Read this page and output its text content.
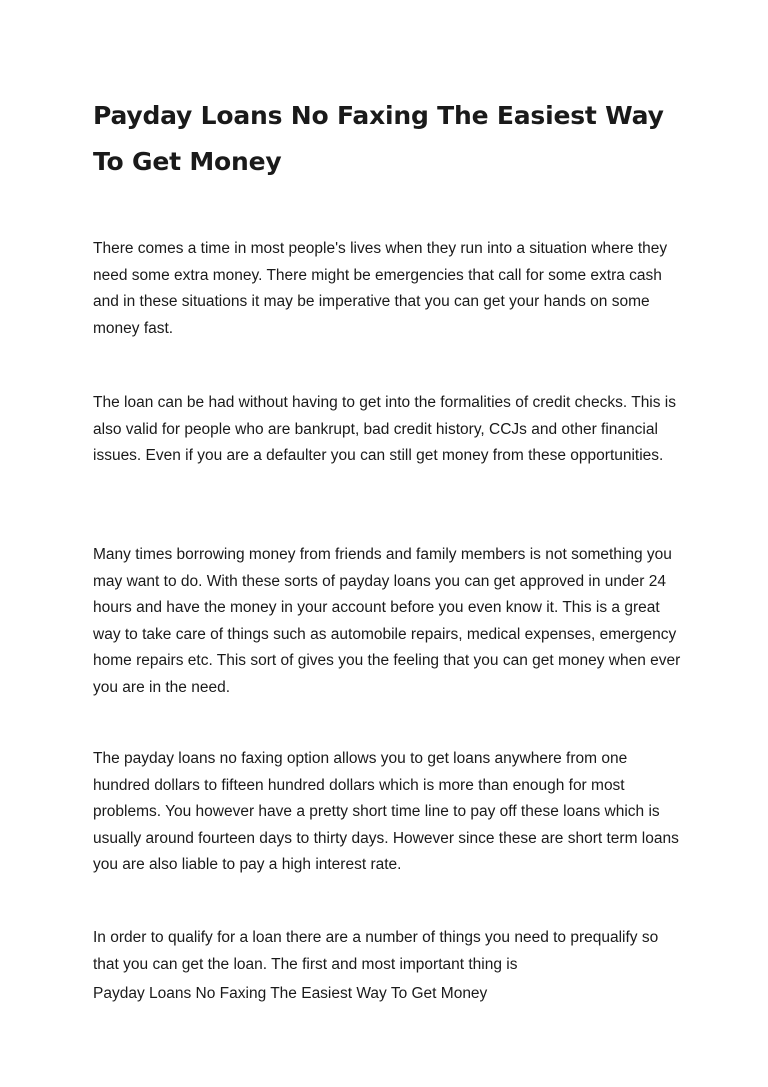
Payday Loans No Faxing The Easiest Way To Get Money

There comes a time in most people's lives when they run into a situation where they need some extra money. There might be emergencies that call for some extra cash and in these situations it may be imperative that you can get your hands on some money fast.

The loan can be had without having to get into the formalities of credit checks. This is also valid for people who are bankrupt, bad credit history, CCJs and other financial issues. Even if you are a defaulter you can still get money from these opportunities.

Many times borrowing money from friends and family members is not something you may want to do. With these sorts of payday loans you can get approved in under 24 hours and have the money in your account before you even know it. This is a great way to take care of things such as automobile repairs, medical expenses, emergency home repairs etc. This sort of gives you the feeling that you can get money when ever you are in the need.

The payday loans no faxing option allows you to get loans anywhere from one hundred dollars to fifteen hundred dollars which is more than enough for most problems. You however have a pretty short time line to pay off these loans which is usually around fourteen days to thirty days. However since these are short term loans you are also liable to pay a high interest rate.

In order to qualify for a loan there are a number of things you need to prequalify so that you can get the loan. The first and most important thing is

Payday Loans No Faxing The Easiest Way To Get Money
